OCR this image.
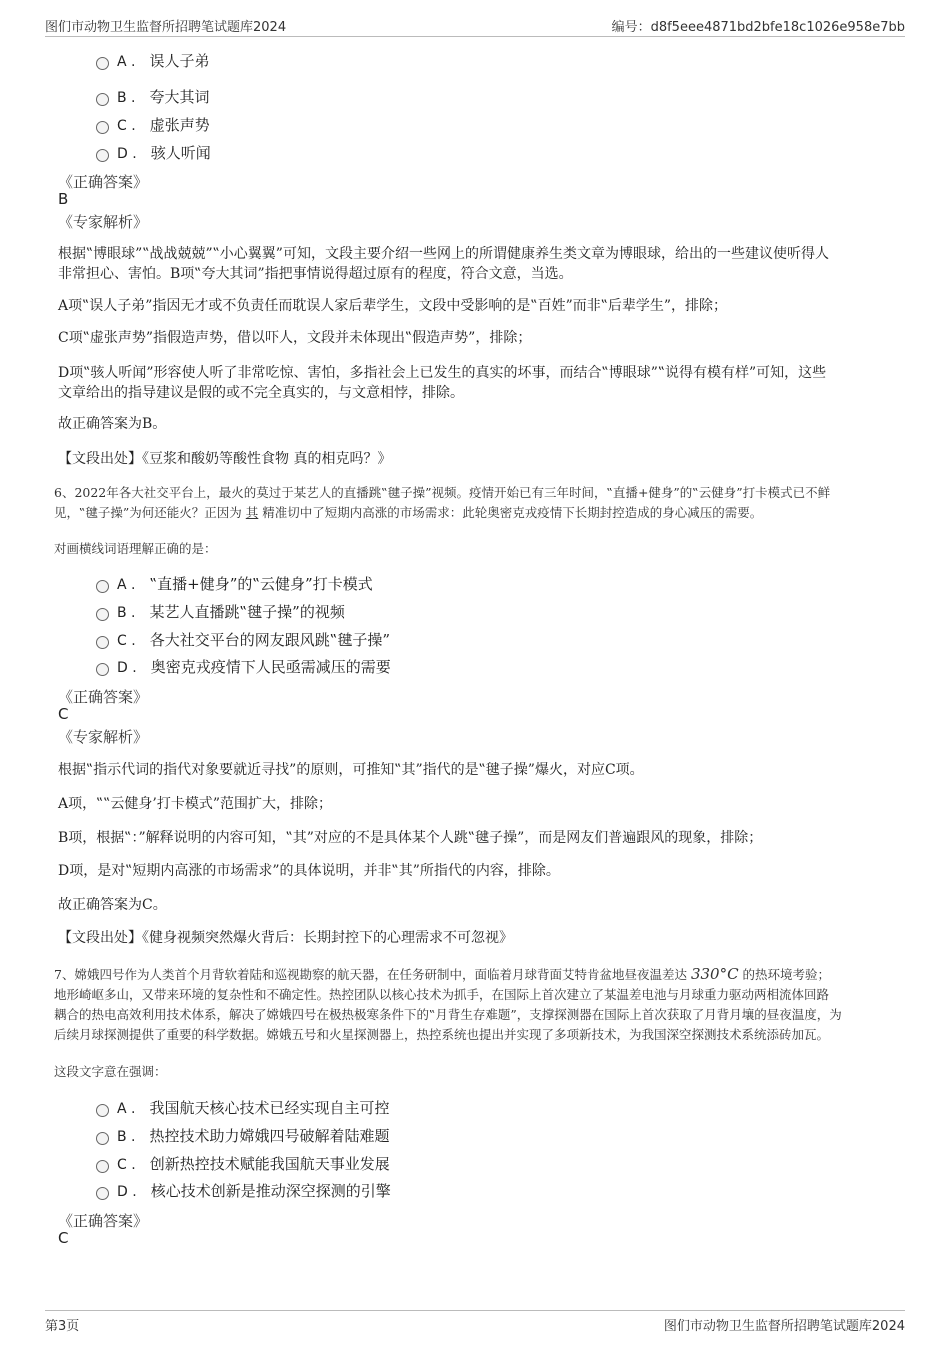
图们市动物卫生监督所招聘笔试题库2024	编号：d8f5eee4871bd2bfe18c1026e958e7bb
A . 误人子弟
B . 夸大其词
C . 虚张声势
D . 骇人听闻
《正确答案》
B
《专家解析》
根据‟博眼球”‟战战兢兢”‟小心翼翼”可知，文段主要介绍一些网上的所谓健康养生类文章为博眼球，给出的一些建议使听得人
非常担心、害怕。B项‟夸大其词”指把事情说得超过原有的程度，符合文意，当选。
A项‟误人子弟”指因无才或不负责任而耽误人家后辈学生，文段中受影响的是‟百姓”而非‟后辈学生”，排除；
C项‟虚张声势”指假造声势，借以吓人，文段并未体现出‟假造声势”，排除；
D项‟骇人听闻”形容使人听了非常吃惊、害怕，多指社会上已发生的真实的坏事，而结合‟博眼球”‟说得有模有样”可知，这些
文章给出的指导建议是假的或不完全真实的，与文意相悖，排除。
故正确答案为B。
【文段出处】《豆浆和酸奶等酸性食物 真的相克吗？》
6、2022年各大社交平台上，最火的莫过于某艺人的直播跳‟毽子操”视频。疫情开始已有三年时间，‟直播+健身”的‟云健身”打卡模式已不鲜
见，‟毽子操”为何还能火？正因为 其 精准切中了短期内高涨的市场需求：此轮奥密克戎疫情下长期封控造成的身心减压的需要。
对画横线词语理解正确的是：
A . ‟直播+健身”的‟云健身”打卡模式
B . 某艺人直播跳‟毽子操”的视频
C . 各大社交平台的网友跟风跳‟毽子操”
D . 奥密克戎疫情下人民亟需减压的需要
《正确答案》
C
《专家解析》
根据‟指示代词的指代对象要就近寻找”的原则，可推知‟其”指代的是‟毽子操”爆火，对应C项。
A项，‟‟云健身’打卡模式”范围扩大，排除；
B项，根据‟：”解释说明的内容可知，‟其”对应的不是具体某个人跳‟毽子操”，而是网友们普遍跟风的现象，排除；
D项，是对‟短期内高涨的市场需求”的具体说明，并非‟其”所指代的内容，排除。
故正确答案为C。
【文段出处】《健身视频突然爆火背后：长期封控下的心理需求不可忽视》
7、嫦娥四号作为人类首个月背软着陆和巡视勘察的航天器，在任务研制中，面临着月球背面艾特肯盆地昼夜温差达 330°C 的热环境考验；
地形崎岖多山，又带来环境的复杂性和不确定性。热控团队以核心技术为抓手，在国际上首次建立了某温差电池与月球重力驱动两相流体回路
耦合的热电高效利用技术体系，解决了嫦娥四号在极热极寒条件下的‟月背生存难题”，支撑探测器在国际上首次获取了月背月壤的昼夜温度，为
后续月球探测提供了重要的科学数据。嫦娥五号和火星探测器上，热控系统也提出并实现了多项新技术，为我国深空探测技术系统添砖加瓦。
这段文字意在强调：
A . 我国航天核心技术已经实现自主可控
B . 热控技术助力嫦娥四号破解着陆难题
C . 创新热控技术赋能我国航天事业发展
D . 核心技术创新是推动深空探测的引擎
《正确答案》
C
第3页	图们市动物卫生监督所招聘笔试题库2024
